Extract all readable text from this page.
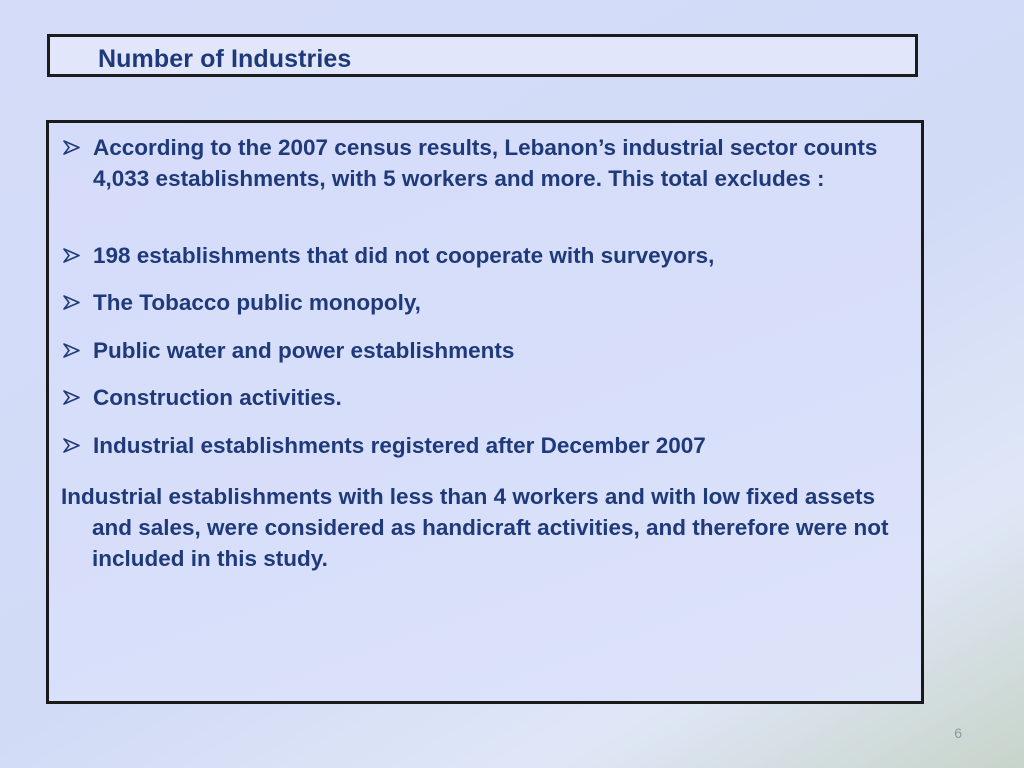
Number of Industries
According to the 2007 census results, Lebanon’s industrial sector counts 4,033 establishments, with 5 workers and more. This total excludes :
198 establishments that did not cooperate with surveyors,
The Tobacco public monopoly,
Public water and power establishments
Construction activities.
Industrial establishments registered after December 2007

Industrial establishments with less than 4 workers and with low fixed assets and sales, were considered as handicraft activities, and therefore were not included in this study.

6
